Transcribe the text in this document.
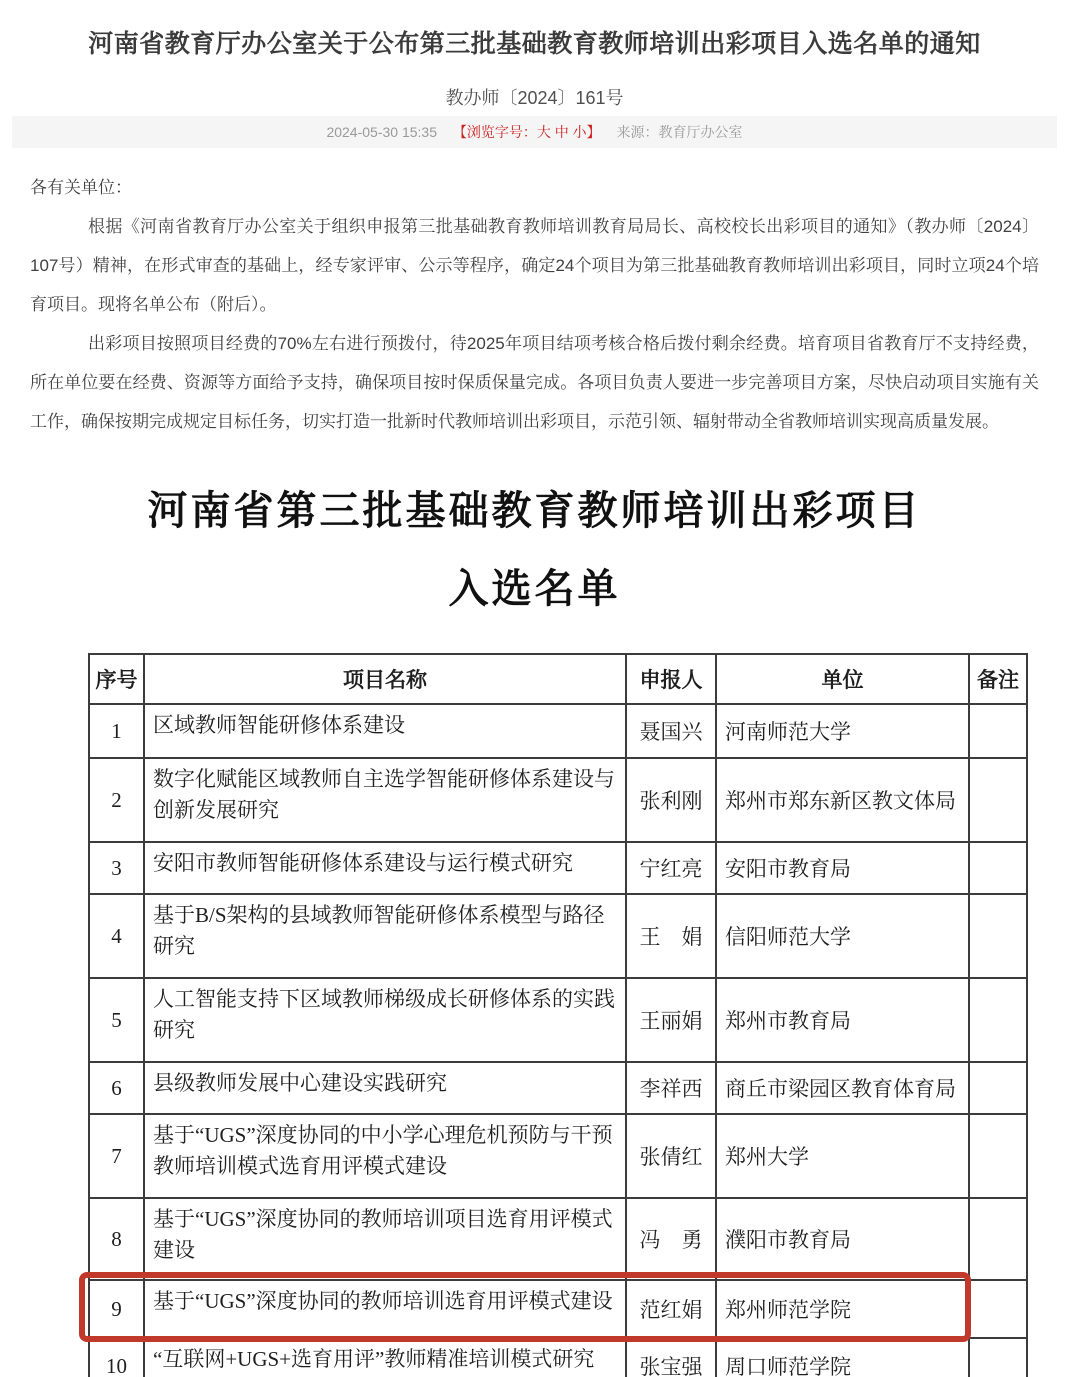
河南省教育厅办公室关于公布第三批基础教育教师培训出彩项目入选名单的通知
教办师〔2024〕161号
2024-05-30 15:35 【浏览字号：大 中 小】 来源：教育厅办公室

各有关单位：

根据《河南省教育厅办公室关于组织申报第三批基础教育教师培训教育局局长、高校校长出彩项目的通知》（教办师〔2024〕107号）精神，在形式审查的基础上，经专家评审、公示等程序，确定24个项目为第三批基础教育教师培训出彩项目，同时立项24个培育项目。现将名单公布（附后）。

出彩项目按照项目经费的70%左右进行预拨付，待2025年项目结项考核合格后拨付剩余经费。培育项目省教育厅不支持经费，所在单位要在经费、资源等方面给予支持，确保项目按时保质保量完成。各项目负责人要进一步完善项目方案，尽快启动项目实施有关工作，确保按期完成规定目标任务，切实打造一批新时代教师培训出彩项目，示范引领、辐射带动全省教师培训实现高质量发展。

河南省第三批基础教育教师培训出彩项目
入选名单
序号	项目名称	申报人	单位	备注
1	区域教师智能研修体系建设	聂国兴	河南师范大学	
2	数字化赋能区域教师自主选学智能研修体系建设与创新发展研究	张利刚	郑州市郑东新区教文体局	
3	安阳市教师智能研修体系建设与运行模式研究	宁红亮	安阳市教育局	
4	基于B/S架构的县域教师智能研修体系模型与路径研究	王　娟	信阳师范大学	
5	人工智能支持下区域教师梯级成长研修体系的实践研究	王丽娟	郑州市教育局	
6	县级教师发展中心建设实践研究	李祥西	商丘市梁园区教育体育局	
7	基于“UGS”深度协同的中小学心理危机预防与干预教师培训模式选育用评模式建设	张倩红	郑州大学	
8	基于“UGS”深度协同的教师培训项目选育用评模式建设	冯　勇	濮阳市教育局	
9	基于“UGS”深度协同的教师培训选育用评模式建设	范红娟	郑州师范学院	
10	“互联网+UGS+选育用评”教师精准培训模式研究	张宝强	周口师范学院	
